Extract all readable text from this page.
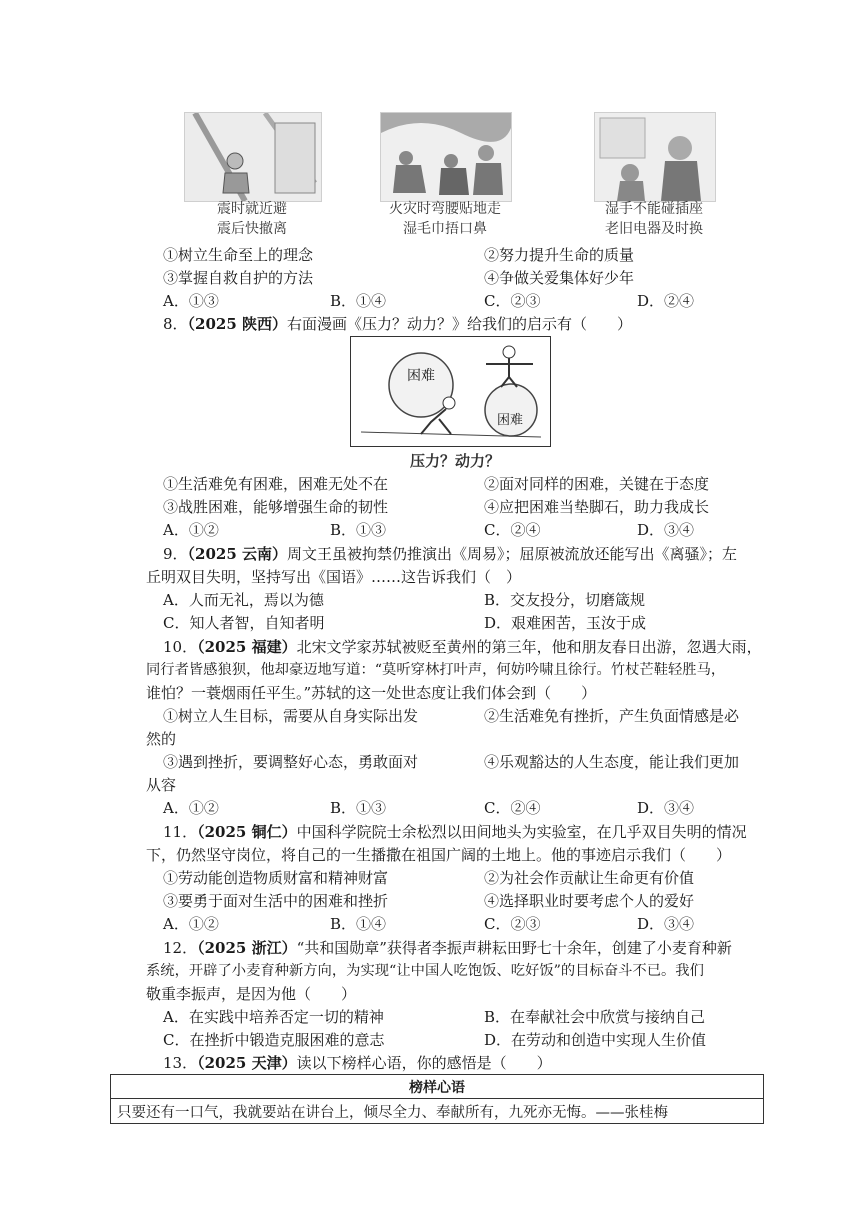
震时就近避
震后快撤离
火灾时弯腰贴地走
湿毛巾捂口鼻
湿手不能碰插座
老旧电器及时换
①树立生命至上的理念	②努力提升生命的质量
③掌握自救自护的方法	④争做关爱集体好少年
A．①③	B．①④	C．②③	D．②④
8．（2025 陕西）右面漫画《压力？动力？》给我们的启示有（　　）
困难
困难
压力？动力？
①生活难免有困难，困难无处不在	②面对同样的困难，关键在于态度
③战胜困难，能够增强生命的韧性	④应把困难当垫脚石，助力我成长
A．①②	B．①③	C．②④	D．③④
9．（2025 云南）周文王虽被拘禁仍推演出《周易》；屈原被流放还能写出《离骚》；左
丘明双目失明，坚持写出《国语》……这告诉我们（　）
A．人而无礼，焉以为德	B．交友投分，切磨箴规
C．知人者智，自知者明	D．艰难困苦，玉汝于成
10．（2025 福建）北宋文学家苏轼被贬至黄州的第三年，他和朋友春日出游，忽遇大雨，
同行者皆感狼狈，他却豪迈地写道：“莫听穿林打叶声，何妨吟啸且徐行。竹杖芒鞋轻胜马，
谁怕？一蓑烟雨任平生。”苏轼的这一处世态度让我们体会到（　　）
①树立人生目标，需要从自身实际出发	②生活难免有挫折，产生负面情感是必
然的
③遇到挫折，要调整好心态，勇敢面对	④乐观豁达的人生态度，能让我们更加
从容
A．①②	B．①③	C．②④	D．③④
11．（2025 铜仁）中国科学院院士余松烈以田间地头为实验室，在几乎双目失明的情况
下，仍然坚守岗位，将自己的一生播撒在祖国广阔的土地上。他的事迹启示我们（　　）
①劳动能创造物质财富和精神财富	②为社会作贡献让生命更有价值
③要勇于面对生活中的困难和挫折	④选择职业时要考虑个人的爱好
A．①②	B．①④	C．②③	D．③④
12．（2025 浙江）“共和国勋章”获得者李振声耕耘田野七十余年，创建了小麦育种新
系统，开辟了小麦育种新方向，为实现“让中国人吃饱饭、吃好饭”的目标奋斗不已。我们
敬重李振声，是因为他（　　）
A．在实践中培养否定一切的精神	B．在奉献社会中欣赏与接纳自己
C．在挫折中锻造克服困难的意志	D．在劳动和创造中实现人生价值
13．（2025 天津）读以下榜样心语，你的感悟是（　　）
榜样心语
只要还有一口气，我就要站在讲台上，倾尽全力、奉献所有，九死亦无悔。——张桂梅
